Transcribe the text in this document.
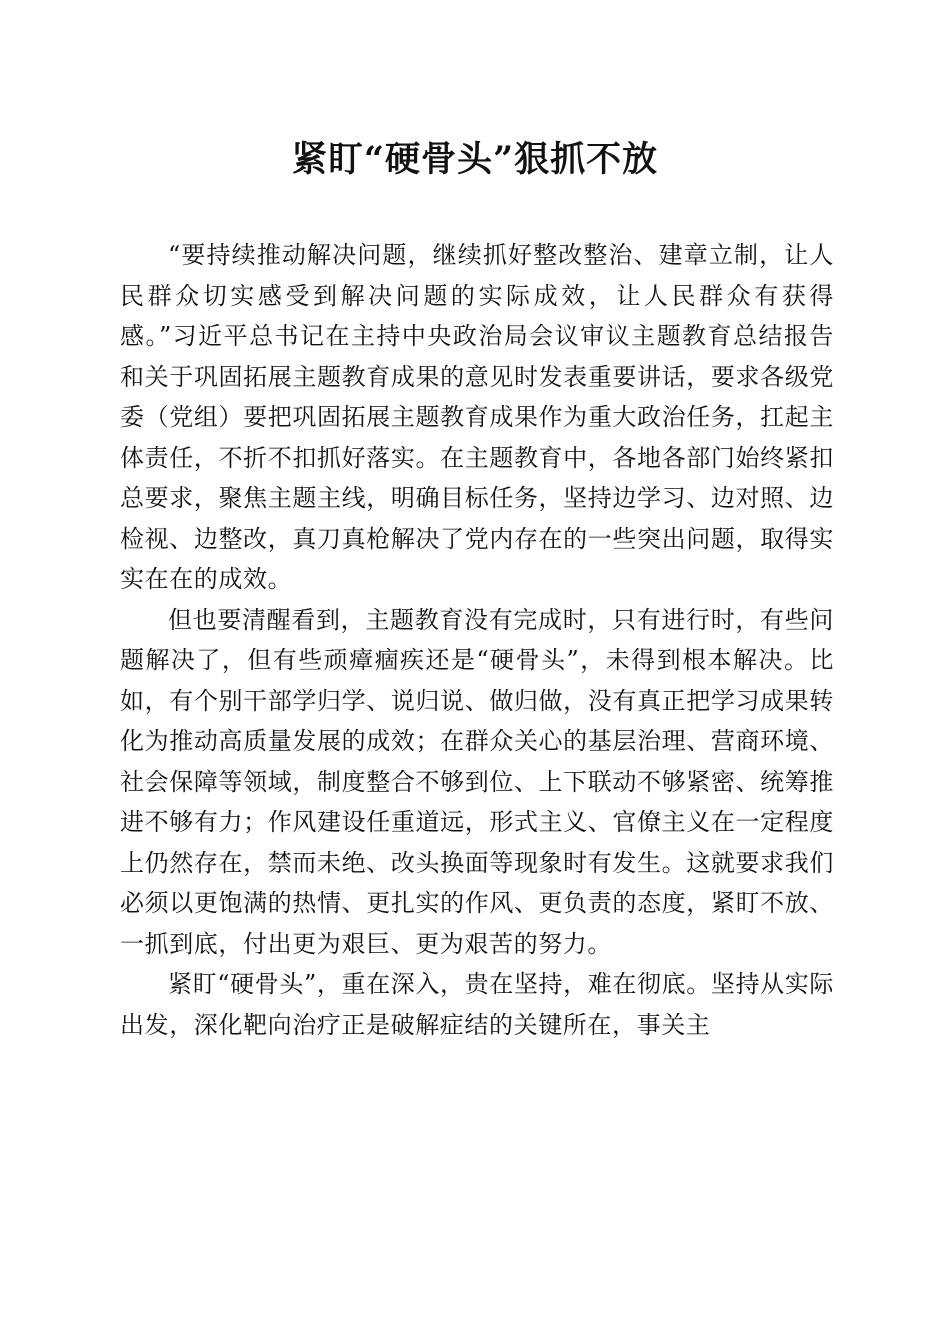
紧盯“硬骨头”狠抓不放

“要持续推动解决问题，继续抓好整改整治、建章立制，让人民群众切实感受到解决问题的实际成效，让人民群众有获得感。”习近平总书记在主持中央政治局会议审议主题教育总结报告和关于巩固拓展主题教育成果的意见时发表重要讲话，要求各级党委（党组）要把巩固拓展主题教育成果作为重大政治任务，扛起主体责任，不折不扣抓好落实。在主题教育中，各地各部门始终紧扣总要求，聚焦主题主线，明确目标任务，坚持边学习、边对照、边检视、边整改，真刀真枪解决了党内存在的一些突出问题，取得实实在在的成效。

但也要清醒看到，主题教育没有完成时，只有进行时，有些问题解决了，但有些顽瘴痼疾还是“硬骨头”，未得到根本解决。比如，有个别干部学归学、说归说、做归做，没有真正把学习成果转化为推动高质量发展的成效；在群众关心的基层治理、营商环境、社会保障等领域，制度整合不够到位、上下联动不够紧密、统筹推进不够有力；作风建设任重道远，形式主义、官僚主义在一定程度上仍然存在，禁而未绝、改头换面等现象时有发生。这就要求我们必须以更饱满的热情、更扎实的作风、更负责的态度，紧盯不放、一抓到底，付出更为艰巨、更为艰苦的努力。

紧盯“硬骨头”，重在深入，贵在坚持，难在彻底。坚持从实际出发，深化靶向治疗正是破解症结的关键所在，事关主
